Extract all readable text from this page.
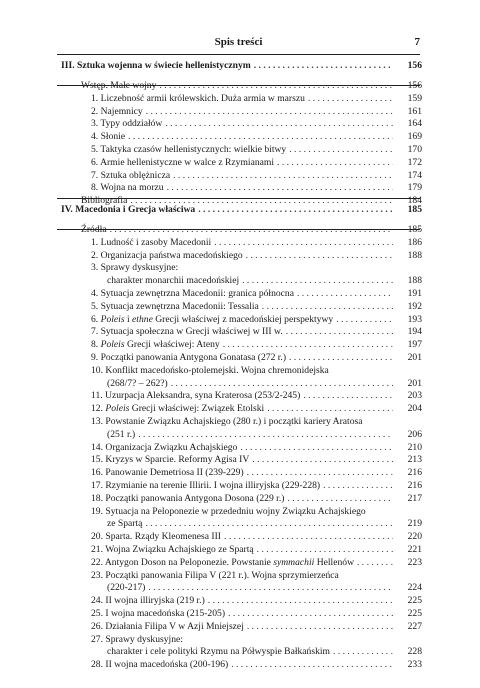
Spis treści	7
III. Sztuka wojenna w świecie hellenistycznym . . .	156
Wstęp. Małe wojny . . .	156
1. Liczebność armii królewskich. Duża armia w marszu . . .	159
2. Najemnicy . . .	161
3. Typy oddziałów . . .	164
4. Słonie . . .	169
5. Taktyka czasów hellenistycznych: wielkie bitwy . . .	170
6. Armie hellenistyczne w walce z Rzymianami . . .	172
7. Sztuka oblężnicza . . .	174
8. Wojna na morzu . . .	179
Bibliografia . . .	184
IV. Macedonia i Grecja właściwa . . .	185
Źródła . . .	185
1. Ludność i zasoby Macedonii . . .	186
2. Organizacja państwa macedońskiego . . .	188
3. Sprawy dyskusyjne:
charakter monarchii macedońskiej . . .	188
4. Sytuacja zewnętrzna Macedonii: granica północna . . .	191
5. Sytuacja zewnętrzna Macedonii: Tessalia . . .	192
6. Poleis i ethne Grecji właściwej z macedońskiej perspektywy . . .	193
7. Sytuacja społeczna w Grecji właściwej w III w. . . .	194
8. Poleis Grecji właściwej: Ateny . . .	197
9. Początki panowania Antygona Gonatasa (272 r.) . . .	201
10. Konflikt macedońsko-ptolemejski. Wojna chremonidejska
(268/7? – 262?) . . .	201
11. Uzurpacja Aleksandra, syna Kraterosa (253/2-245) . . .	203
12. Poleis Grecji właściwej: Związek Etolski . . .	204
13. Powstanie Związku Achajskiego (280 r.) i początki kariery Aratosa
(251 r.) . . .	206
14. Organizacja Związku Achajskiego . . .	210
15. Kryzys w Sparcie. Reformy Agisa IV . . .	213
16. Panowanie Demetriosa II (239-229) . . .	216
17. Rzymianie na terenie Illirii. I wojna illiryjska (229-228) . . .	216
18. Początki panowania Antygona Dosona (229 r.) . . .	217
19. Sytuacja na Peloponezie w przededniu wojny Związku Achajskiego
ze Spartą . . .	219
20. Sparta. Rządy Kleomenesa III . . .	220
21. Wojna Związku Achajskiego ze Spartą . . .	221
22. Antygon Doson na Peloponezie. Powstanie symmachii Hellenów . . .	223
23. Początki panowania Filipa V (221 r.). Wojna sprzymierzeńca
(220-217) . . .	224
24. II wojna illiryjska (219 r.) . . .	225
25. I wojna macedońska (215-205) . . .	225
26. Działania Filipa V w Azji Mniejszej . . .	227
27. Sprawy dyskusyjne:
charakter i cele polityki Rzymu na Półwyspie Bałkańskim . . .	228
28. II wojna macedońska (200-196) . . .	233
